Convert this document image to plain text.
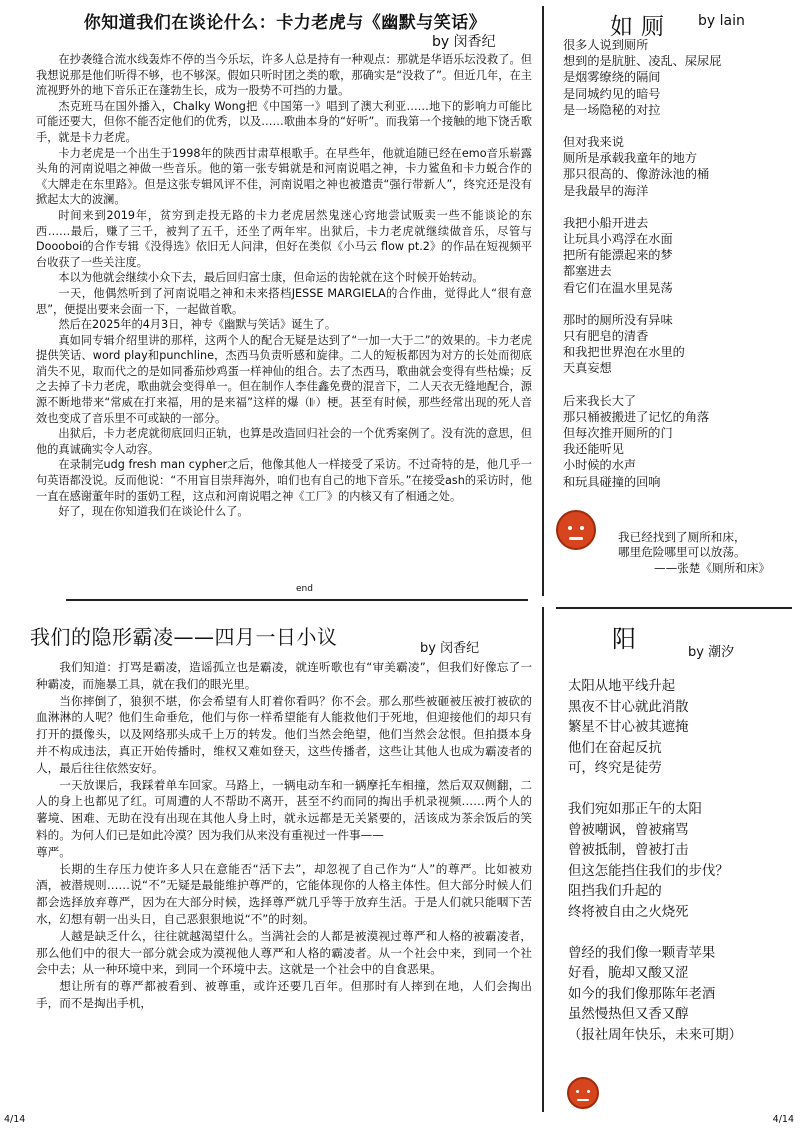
你知道我们在谈论什么：卡力老虎与《幽默与笑话》
by 闵香纪

在抄袭缝合流水线轰炸不停的当今乐坛，许多人总是持有一种观点：那就是华语乐坛没救了。但我想说那是他们听得不够，也不够深。假如只听时团之类的歌，那确实是“没救了”。但近几年，在主流视野外的地下音乐正在蓬勃生长，成为一股势不可挡的力量。

杰克班马在国外播入，Chalky Wong把《中国第一》唱到了澳大利亚……地下的影响力可能比可能还要大，但你不能否定他们的优秀，以及……歌曲本身的“好听”。而我第一个接触的地下饶舌歌手，就是卡力老虎。

卡力老虎是一个出生于1998年的陕西甘肃草根歌手。在早些年，他就追随已经在emo音乐崭露头角的河南说唱之神做一些音乐。他的第一张专辑就是和河南说唱之神，卡力鲨鱼和卡力蜕合作的《大牌走在东里路》。但是这张专辑风评不佳，河南说唱之神也被遣责“强行带新人”，终究还是没有掀起太大的波澜。

时间来到2019年，贫穷到走投无路的卡力老虎居然鬼迷心窍地尝试贩卖一些不能谈论的东西……最后，赚了三千，被判了五千，还坐了两年牢。出狱后，卡力老虎就继续做音乐，尽管与Doooboi的合作专辑《没得选》依旧无人问津，但好在类似《小马云 flow pt.2》的作品在短视频平台收获了一些关注度。

本以为他就会继续小众下去，最后回归富士康，但命运的齿轮就在这个时候开始转动。

一天，他偶然听到了河南说唱之神和未来搭档JESSE MARGIELA的合作曲，觉得此人“很有意思”，便提出要来会面一下，一起做首歌。

然后在2025年的4月3日，神专《幽默与笑话》诞生了。

真如同专辑介绍里讲的那样，这两个人的配合无疑是达到了“一加一大于二”的效果的。卡力老虎提供笑话、word play和punchline，杰西马负责听感和旋律。二人的短板都因为对方的长处而彻底消失不见，取而代之的是如同番茄炒鸡蛋一样神仙的组合。去了杰西马，歌曲就会变得有些枯燥；反之去掉了卡力老虎，歌曲就会变得单一。但在制作人李佳鑫免费的混音下，二人天衣无缝地配合，源源不断地带来“常威在打来福，用的是来福”这样的爆（𝄆）梗。甚至有时候，那些经常出现的死人音效也变成了音乐里不可或缺的一部分。

出狱后，卡力老虎就彻底回归正轨，也算是改造回归社会的一个优秀案例了。没有洗的意思，但他的真诚确实令人动容。

在录制完udg fresh man cypher之后，他像其他人一样接受了采访。不过奇特的是，他几乎一句英语都没说。反而他说：“不用盲目崇拜海外，咱们也有自己的地下音乐。”在接受ash的采访时，他一直在感谢董年时的蛋奶工程，这点和河南说唱之神《工厂》的内核又有了相通之处。

好了，现在你知道我们在谈论什么了。

end
如厕 by lain
很多人说到厕所
想到的是肮脏、凌乱、屎尿屁
是烟雾缭绕的隔间
是同城约见的暗号
是一场隐秘的对拉
但对我来说
厕所是承载我童年的地方
那只很高的、像游泳池的桶
是我最早的海洋
我把小船开进去
让玩具小鸡浮在水面
把所有能漂起来的梦
都塞进去
看它们在温水里晃荡
那时的厕所没有异味
只有肥皂的清香
和我把世界泡在水里的
天真妄想
后来我长大了
那只桶被搬进了记忆的角落
但每次推开厕所的门
我还能听见
小时候的水声
和玩具碰撞的回响
我已经找到了厕所和床，
哪里危险哪里可以放荡。
——张楚《厕所和床》
我们的隐形霸凌——四月一日小议	by 闵香纪

我们知道：打骂是霸凌，造谣孤立也是霸凌，就连听歌也有“审美霸凌”，但我们好像忘了一种霸凌，而施暴工具，就在我们的眼光里。

当你摔倒了，狼狈不堪，你会希望有人盯着你看吗？你不会。那么那些被砸被压被打被砍的血淋淋的人呢？他们生命垂危，他们与你一样希望能有人能救他们于死地，但迎接他们的却只有打开的摄像头，以及网络那头成千上万的转发。他们当然会绝望，他们当然会忿恨。但拍摄本身并不构成违法，真正开始传播时，维权又难如登天，这些传播者，这些让其他人也成为霸凌者的人，最后往往依然安好。

一天放课后，我踩着单车回家。马路上，一辆电动车和一辆摩托车相撞，然后双双侧翻，二人的身上也都见了红。可周遭的人不帮助不离开，甚至不约而同的掏出手机录视频……两个人的薯境、困难、无助在没有出现在其他人身上时，就永远都是无关紧要的，活该成为茶余饭后的笑料的。为何人们已是如此冷漠？因为我们从来没有重视过一件事——

尊严。

长期的生存压力使许多人只在意能否“活下去”，却忽视了自己作为“人”的尊严。比如被劝酒，被潜规则……说“不”无疑是最能维护尊严的，它能体现你的人格主体性。但大部分时候人们都会选择放弃尊严，因为在大部分时候，选择尊严就几乎等于放弃生活。于是人们就只能咽下苦水，幻想有朝一出头日，自己恶狠狠地说“不”的时刻。

人越是缺乏什么，往往就越渴望什么。当满社会的人都是被漠视过尊严和人格的被霸凌者，那么他们中的很大一部分就会成为漠视他人尊严和人格的霸凌者。从一个社会中来，到同一个社会中去；从一种环境中来，到同一个环境中去。这就是一个社会中的自食恶果。

想让所有的尊严都被看到、被尊重，或许还要几百年。但那时有人摔到在地，人们会掏出手，而不是掏出手机，

阳	by 潮汐
太阳从地平线升起
黑夜不甘心就此消散
繁星不甘心被其遮掩
他们在奋起反抗
可，终究是徒劳
我们宛如那正午的太阳
曾被嘲讽，曾被痛骂
曾被抵制，曾被打击
但这怎能挡住我们的步伐？
阻挡我们升起的
终将被自由之火烧死
曾经的我们像一颗青苹果
好看，脆却又酸又涩
如今的我们像那陈年老酒
虽然慢热但又香又醇
（报社周年快乐，未来可期）
4/14	4/14
